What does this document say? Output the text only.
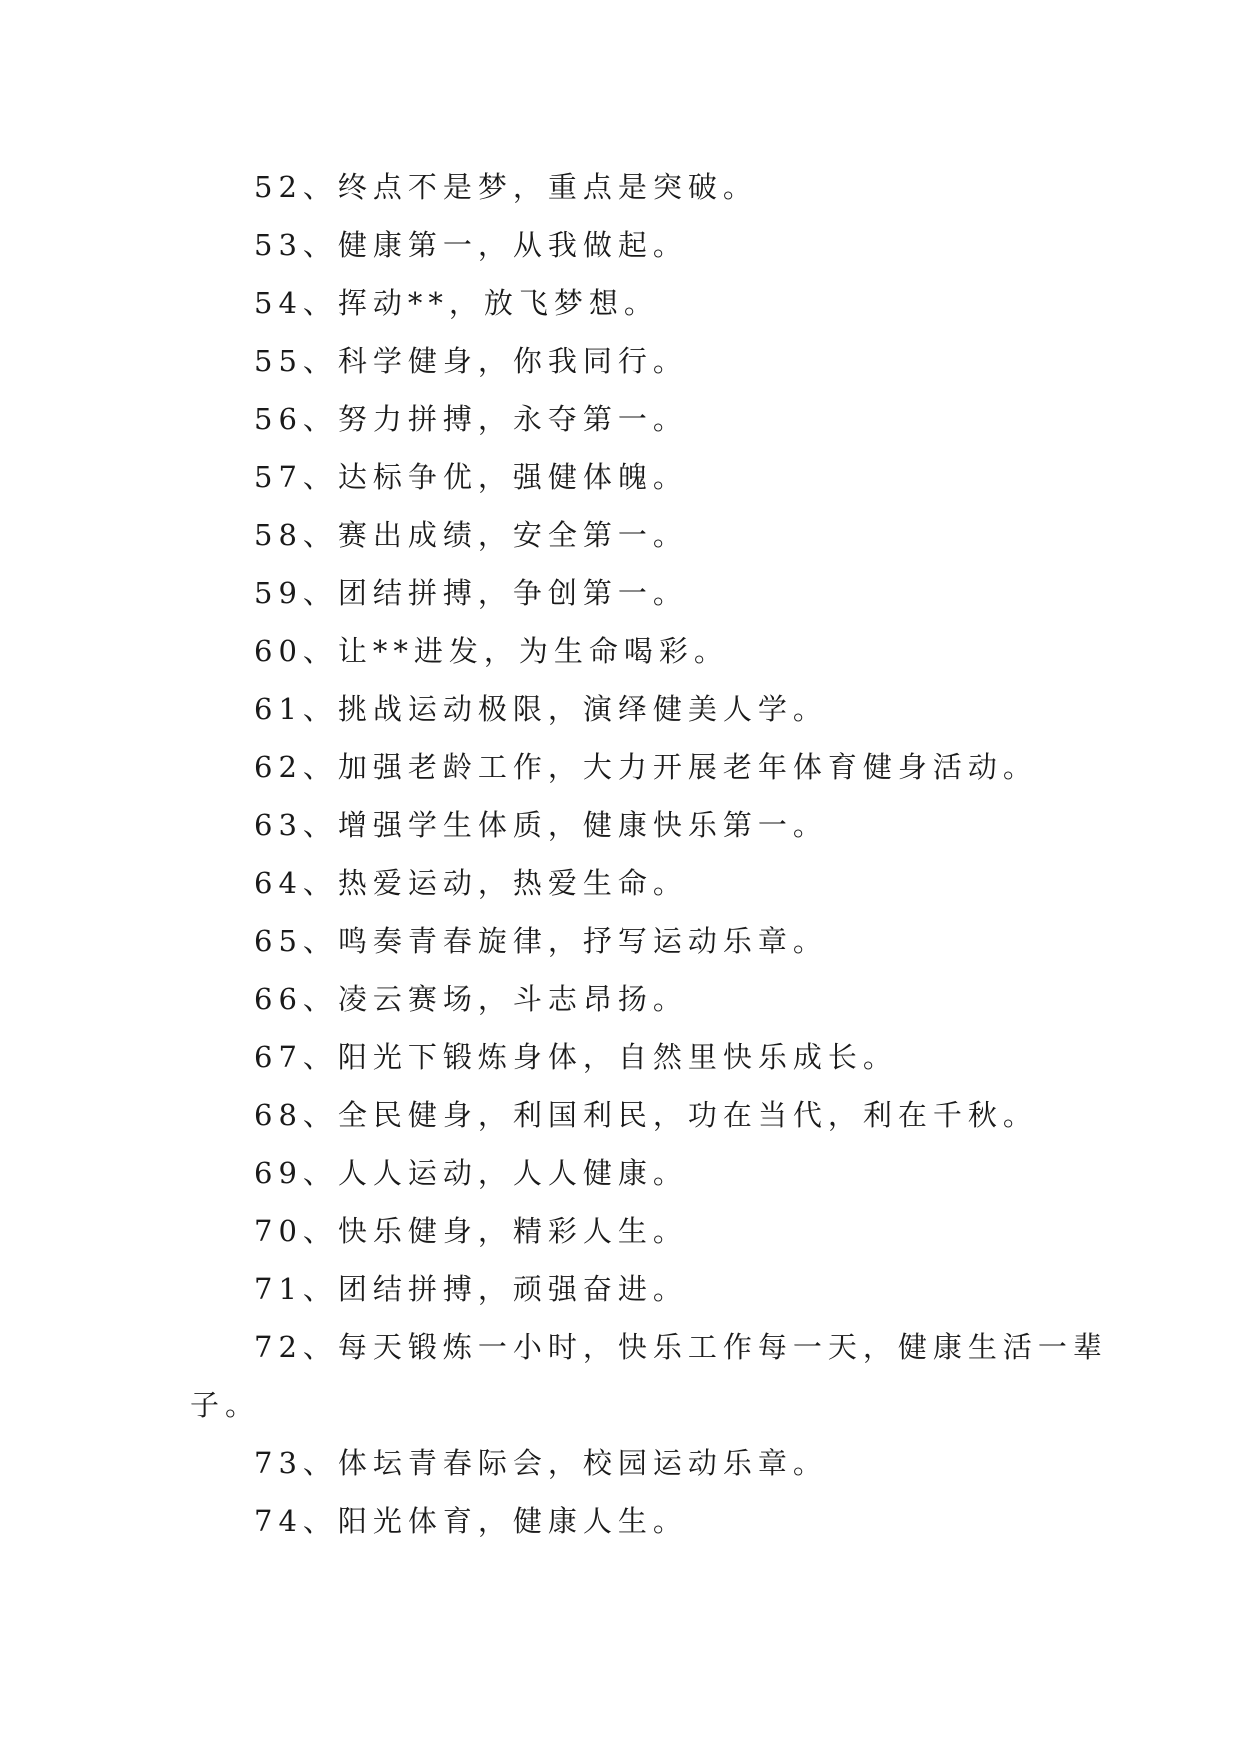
52、终点不是梦，重点是突破。
53、健康第一，从我做起。
54、挥动**，放飞梦想。
55、科学健身，你我同行。
56、努力拼搏，永夺第一。
57、达标争优，强健体魄。
58、赛出成绩，安全第一。
59、团结拼搏，争创第一。
60、让**进发，为生命喝彩。
61、挑战运动极限，演绎健美人学。
62、加强老龄工作，大力开展老年体育健身活动。
63、增强学生体质，健康快乐第一。
64、热爱运动，热爱生命。
65、鸣奏青春旋律，抒写运动乐章。
66、凌云赛场，斗志昂扬。
67、阳光下锻炼身体，自然里快乐成长。
68、全民健身，利国利民，功在当代，利在千秋。
69、人人运动，人人健康。
70、快乐健身，精彩人生。
71、团结拼搏，顽强奋进。
72、每天锻炼一小时，快乐工作每一天，健康生活一辈
子。
73、体坛青春际会，校园运动乐章。
74、阳光体育，健康人生。
